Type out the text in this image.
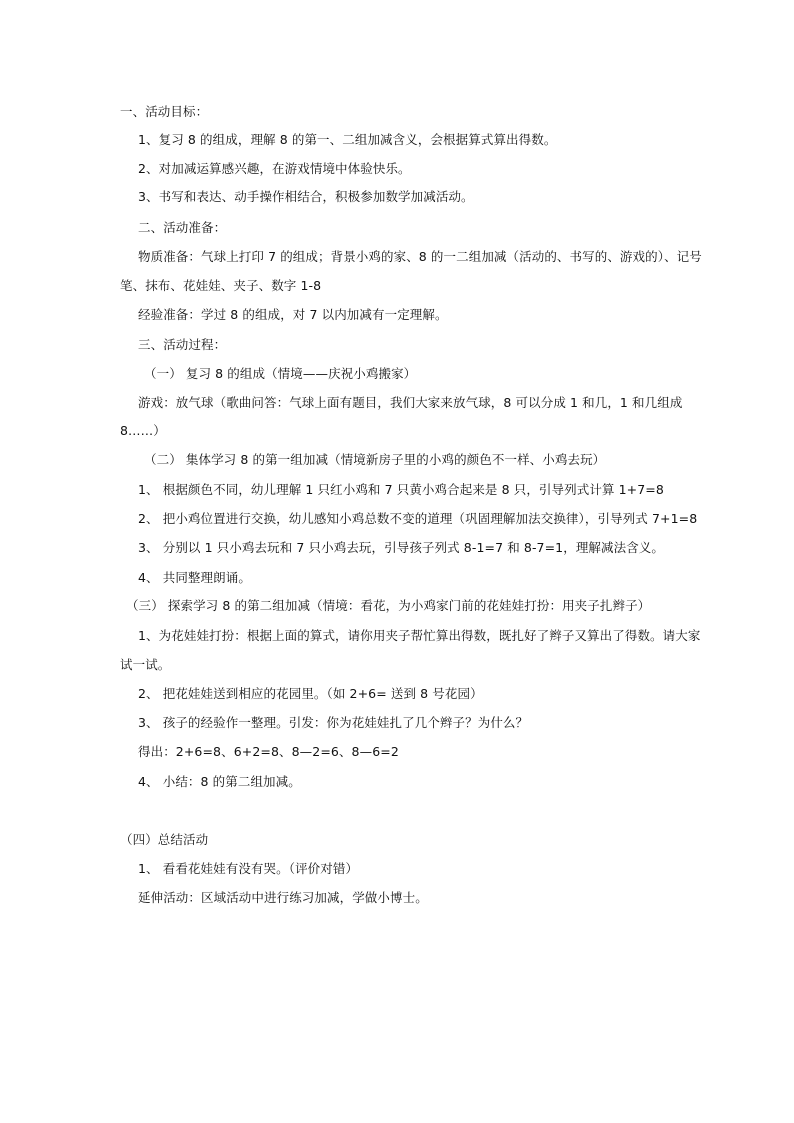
一、活动目标：
1、复习 8 的组成，理解 8 的第一、二组加减含义，会根据算式算出得数。
2、对加减运算感兴趣，在游戏情境中体验快乐。
3、书写和表达、动手操作相结合，积极参加数学加减活动。
二、活动准备：
物质准备：气球上打印 7 的组成；背景小鸡的家、8 的一二组加减（活动的、书写的、游戏的）、记号
笔、抹布、花娃娃、夹子、数字 1-8
经验准备：学过 8 的组成，对 7 以内加减有一定理解。
三、活动过程：
（一） 复习 8 的组成（情境——庆祝小鸡搬家）
游戏：放气球（歌曲问答：气球上面有题目，我们大家来放气球，8 可以分成 1 和几，1 和几组成
8……）
（二） 集体学习 8 的第一组加减（情境新房子里的小鸡的颜色不一样、小鸡去玩）
1、 根据颜色不同，幼儿理解 1 只红小鸡和 7 只黄小鸡合起来是 8 只，引导列式计算 1+7=8
2、 把小鸡位置进行交换，幼儿感知小鸡总数不变的道理（巩固理解加法交换律），引导列式 7+1=8
3、 分别以 1 只小鸡去玩和 7 只小鸡去玩，引导孩子列式 8-1=7 和 8-7=1，理解减法含义。
4、 共同整理朗诵。
（三） 探索学习 8 的第二组加减（情境：看花，为小鸡家门前的花娃娃打扮：用夹子扎辫子）
1、为花娃娃打扮：根据上面的算式，请你用夹子帮忙算出得数，既扎好了辫子又算出了得数。请大家
试一试。
2、 把花娃娃送到相应的花园里。（如 2+6= 送到 8 号花园）
3、 孩子的经验作一整理。引发：你为花娃娃扎了几个辫子？为什么？
得出：2+6=8、6+2=8、8—2=6、8—6=2
4、 小结：8 的第二组加减。
（四）总结活动
1、 看看花娃娃有没有哭。（评价对错）
延伸活动：区域活动中进行练习加减，学做小博士。
